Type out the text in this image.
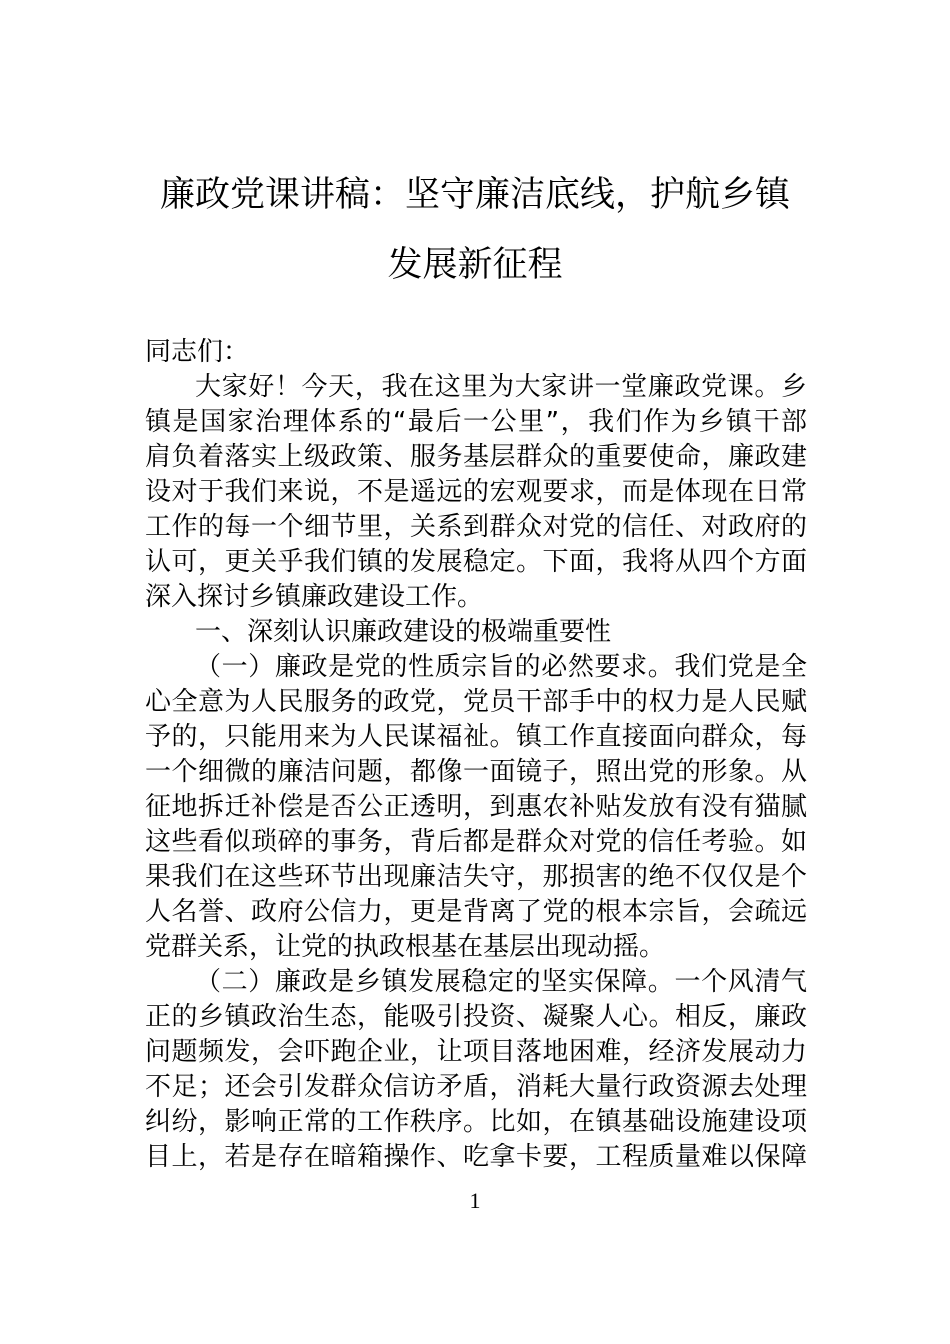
廉政党课讲稿：坚守廉洁底线，护航乡镇
发展新征程
同志们：
大家好！今天，我在这里为大家讲一堂廉政党课。乡
镇是国家治理体系的“最后一公里”，我们作为乡镇干部
肩负着落实上级政策、服务基层群众的重要使命，廉政建
设对于我们来说，不是遥远的宏观要求，而是体现在日常
工作的每一个细节里，关系到群众对党的信任、对政府的
认可，更关乎我们镇的发展稳定。下面，我将从四个方面
深入探讨乡镇廉政建设工作。
一、深刻认识廉政建设的极端重要性
（一）廉政是党的性质宗旨的必然要求。我们党是全
心全意为人民服务的政党，党员干部手中的权力是人民赋
予的，只能用来为人民谋福祉。镇工作直接面向群众，每
一个细微的廉洁问题，都像一面镜子，照出党的形象。从
征地拆迁补偿是否公正透明，到惠农补贴发放有没有猫腻
这些看似琐碎的事务，背后都是群众对党的信任考验。如
果我们在这些环节出现廉洁失守，那损害的绝不仅仅是个
人名誉、政府公信力，更是背离了党的根本宗旨，会疏远
党群关系，让党的执政根基在基层出现动摇。
（二）廉政是乡镇发展稳定的坚实保障。一个风清气
正的乡镇政治生态，能吸引投资、凝聚人心。相反，廉政
问题频发，会吓跑企业，让项目落地困难，经济发展动力
不足；还会引发群众信访矛盾，消耗大量行政资源去处理
纠纷，影响正常的工作秩序。比如，在镇基础设施建设项
目上，若是存在暗箱操作、吃拿卡要，工程质量难以保障
1
